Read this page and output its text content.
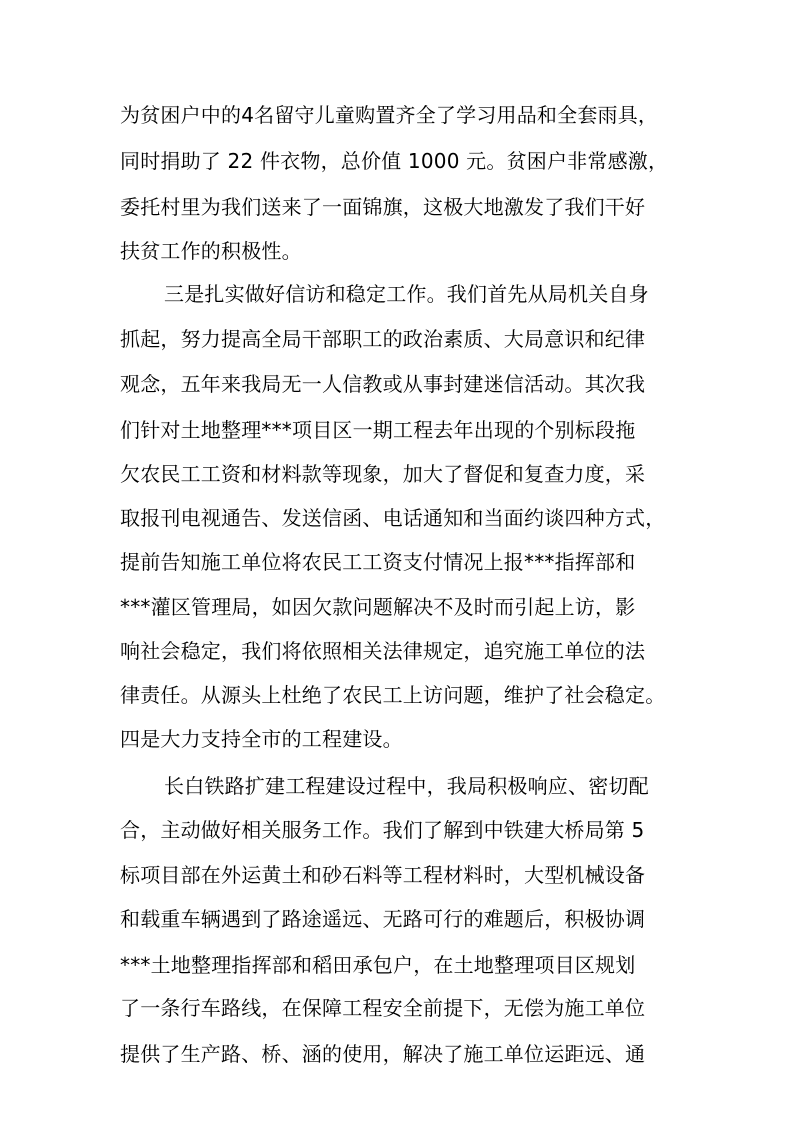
为贫困户中的4名留守儿童购置齐全了学习用品和全套雨具，
同时捐助了 22 件衣物，总价值 1000 元。贫困户非常感激，
委托村里为我们送来了一面锦旗，这极大地激发了我们干好
扶贫工作的积极性。
三是扎实做好信访和稳定工作。我们首先从局机关自身
抓起，努力提高全局干部职工的政治素质、大局意识和纪律
观念，五年来我局无一人信教或从事封建迷信活动。其次我
们针对土地整理***项目区一期工程去年出现的个别标段拖
欠农民工工资和材料款等现象，加大了督促和复查力度，采
取报刊电视通告、发送信函、电话通知和当面约谈四种方式，
提前告知施工单位将农民工工资支付情况上报***指挥部和
***灌区管理局，如因欠款问题解决不及时而引起上访，影
响社会稳定，我们将依照相关法律规定，追究施工单位的法
律责任。从源头上杜绝了农民工上访问题，维护了社会稳定。
四是大力支持全市的工程建设。
长白铁路扩建工程建设过程中，我局积极响应、密切配
合，主动做好相关服务工作。我们了解到中铁建大桥局第 5
标项目部在外运黄土和砂石料等工程材料时，大型机械设备
和载重车辆遇到了路途遥远、无路可行的难题后，积极协调
***土地整理指挥部和稻田承包户，在土地整理项目区规划
了一条行车路线，在保障工程安全前提下，无偿为施工单位
提供了生产路、桥、涵的使用，解决了施工单位运距远、通
